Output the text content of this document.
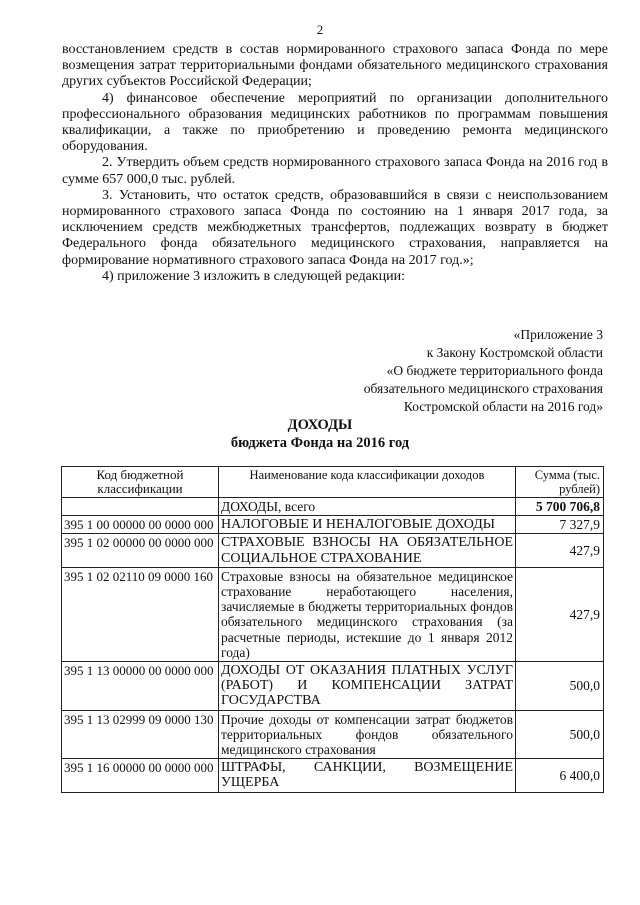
2

восстановлением средств в состав нормированного страхового запаса Фонда по мере возмещения затрат территориальными фондами обязательного медицинского страхования других субъектов Российской Федерации;

4) финансовое обеспечение мероприятий по организации дополнительного профессионального образования медицинских работников по программам повышения квалификации, а также по приобретению и проведению ремонта медицинского оборудования.

2. Утвердить объем средств нормированного страхового запаса Фонда на 2016 год в сумме 657 000,0 тыс. рублей.

3. Установить, что остаток средств, образовавшийся в связи с неиспользованием нормированного страхового запаса Фонда по состоянию на 1 января 2017 года, за исключением средств межбюджетных трансфертов, подлежащих возврату в бюджет Федерального фонда обязательного медицинского страхования, направляется на формирование нормативного страхового запаса Фонда на 2017 год.»;

4) приложение 3 изложить в следующей редакции:

«Приложение 3
к Закону Костромской области
«О бюджете территориального фонда
обязательного медицинского страхования
Костромской области на 2016 год»
ДОХОДЫ
бюджета Фонда на 2016 год
Код бюджетной классификации	Наименование кода классификации доходов	Сумма (тыс. рублей)
	ДОХОДЫ, всего	5 700 706,8
395 1 00 00000 00 0000 000	НАЛОГОВЫЕ И НЕНАЛОГОВЫЕ ДОХОДЫ	7 327,9
395 1 02 00000 00 0000 000	СТРАХОВЫЕ ВЗНОСЫ НА ОБЯЗАТЕЛЬНОЕ СОЦИАЛЬНОЕ СТРАХОВАНИЕ	427,9
395 1 02 02110 09 0000 160	Страховые взносы на обязательное медицинское страхование неработающего населения, зачисляемые в бюджеты территориальных фондов обязательного медицинского страхования (за расчетные периоды, истекшие до 1 января 2012 года)	427,9
395 1 13 00000 00 0000 000	ДОХОДЫ ОТ ОКАЗАНИЯ ПЛАТНЫХ УСЛУГ (РАБОТ) И КОМПЕНСАЦИИ ЗАТРАТ ГОСУДАРСТВА	500,0
395 1 13 02999 09 0000 130	Прочие доходы от компенсации затрат бюджетов территориальных фондов обязательного медицинского страхования	500,0
395 1 16 00000 00 0000 000	ШТРАФЫ, САНКЦИИ, ВОЗМЕЩЕНИЕ УЩЕРБА	6 400,0
